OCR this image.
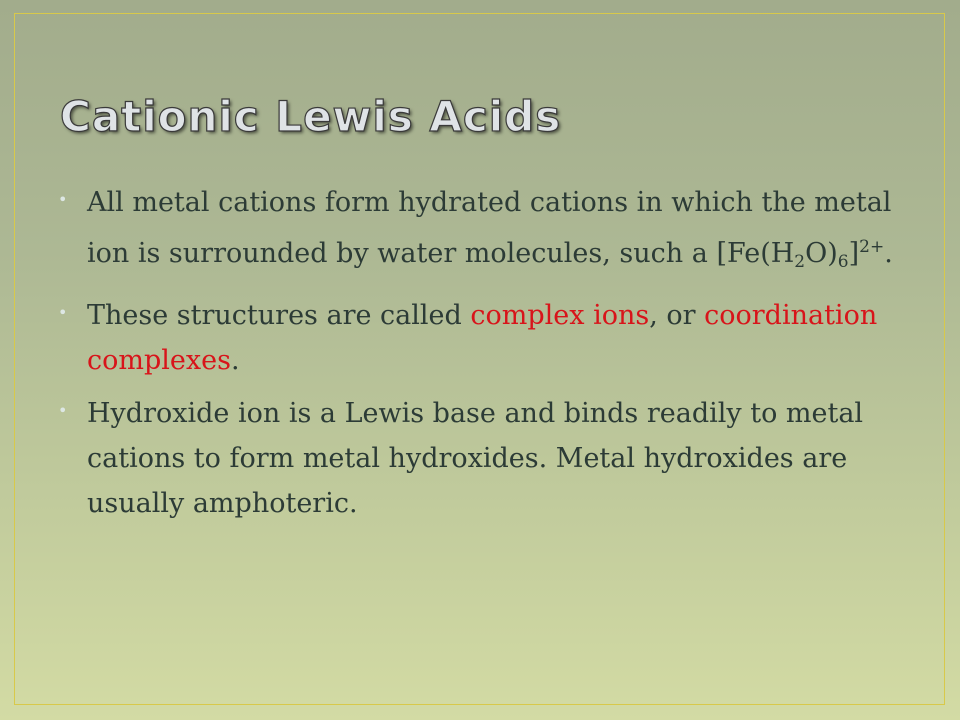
Cationic Lewis Acids
• All metal cations form hydrated cations in which the metal ion is surrounded by water molecules, such a $[Fe(H_2O)_6]^{2+}$.
• These structures are called complex ions, or coordination complexes.
• Hydroxide ion is a Lewis base and binds readily to metal cations to form metal hydroxides. Metal hydroxides are usually amphoteric.
